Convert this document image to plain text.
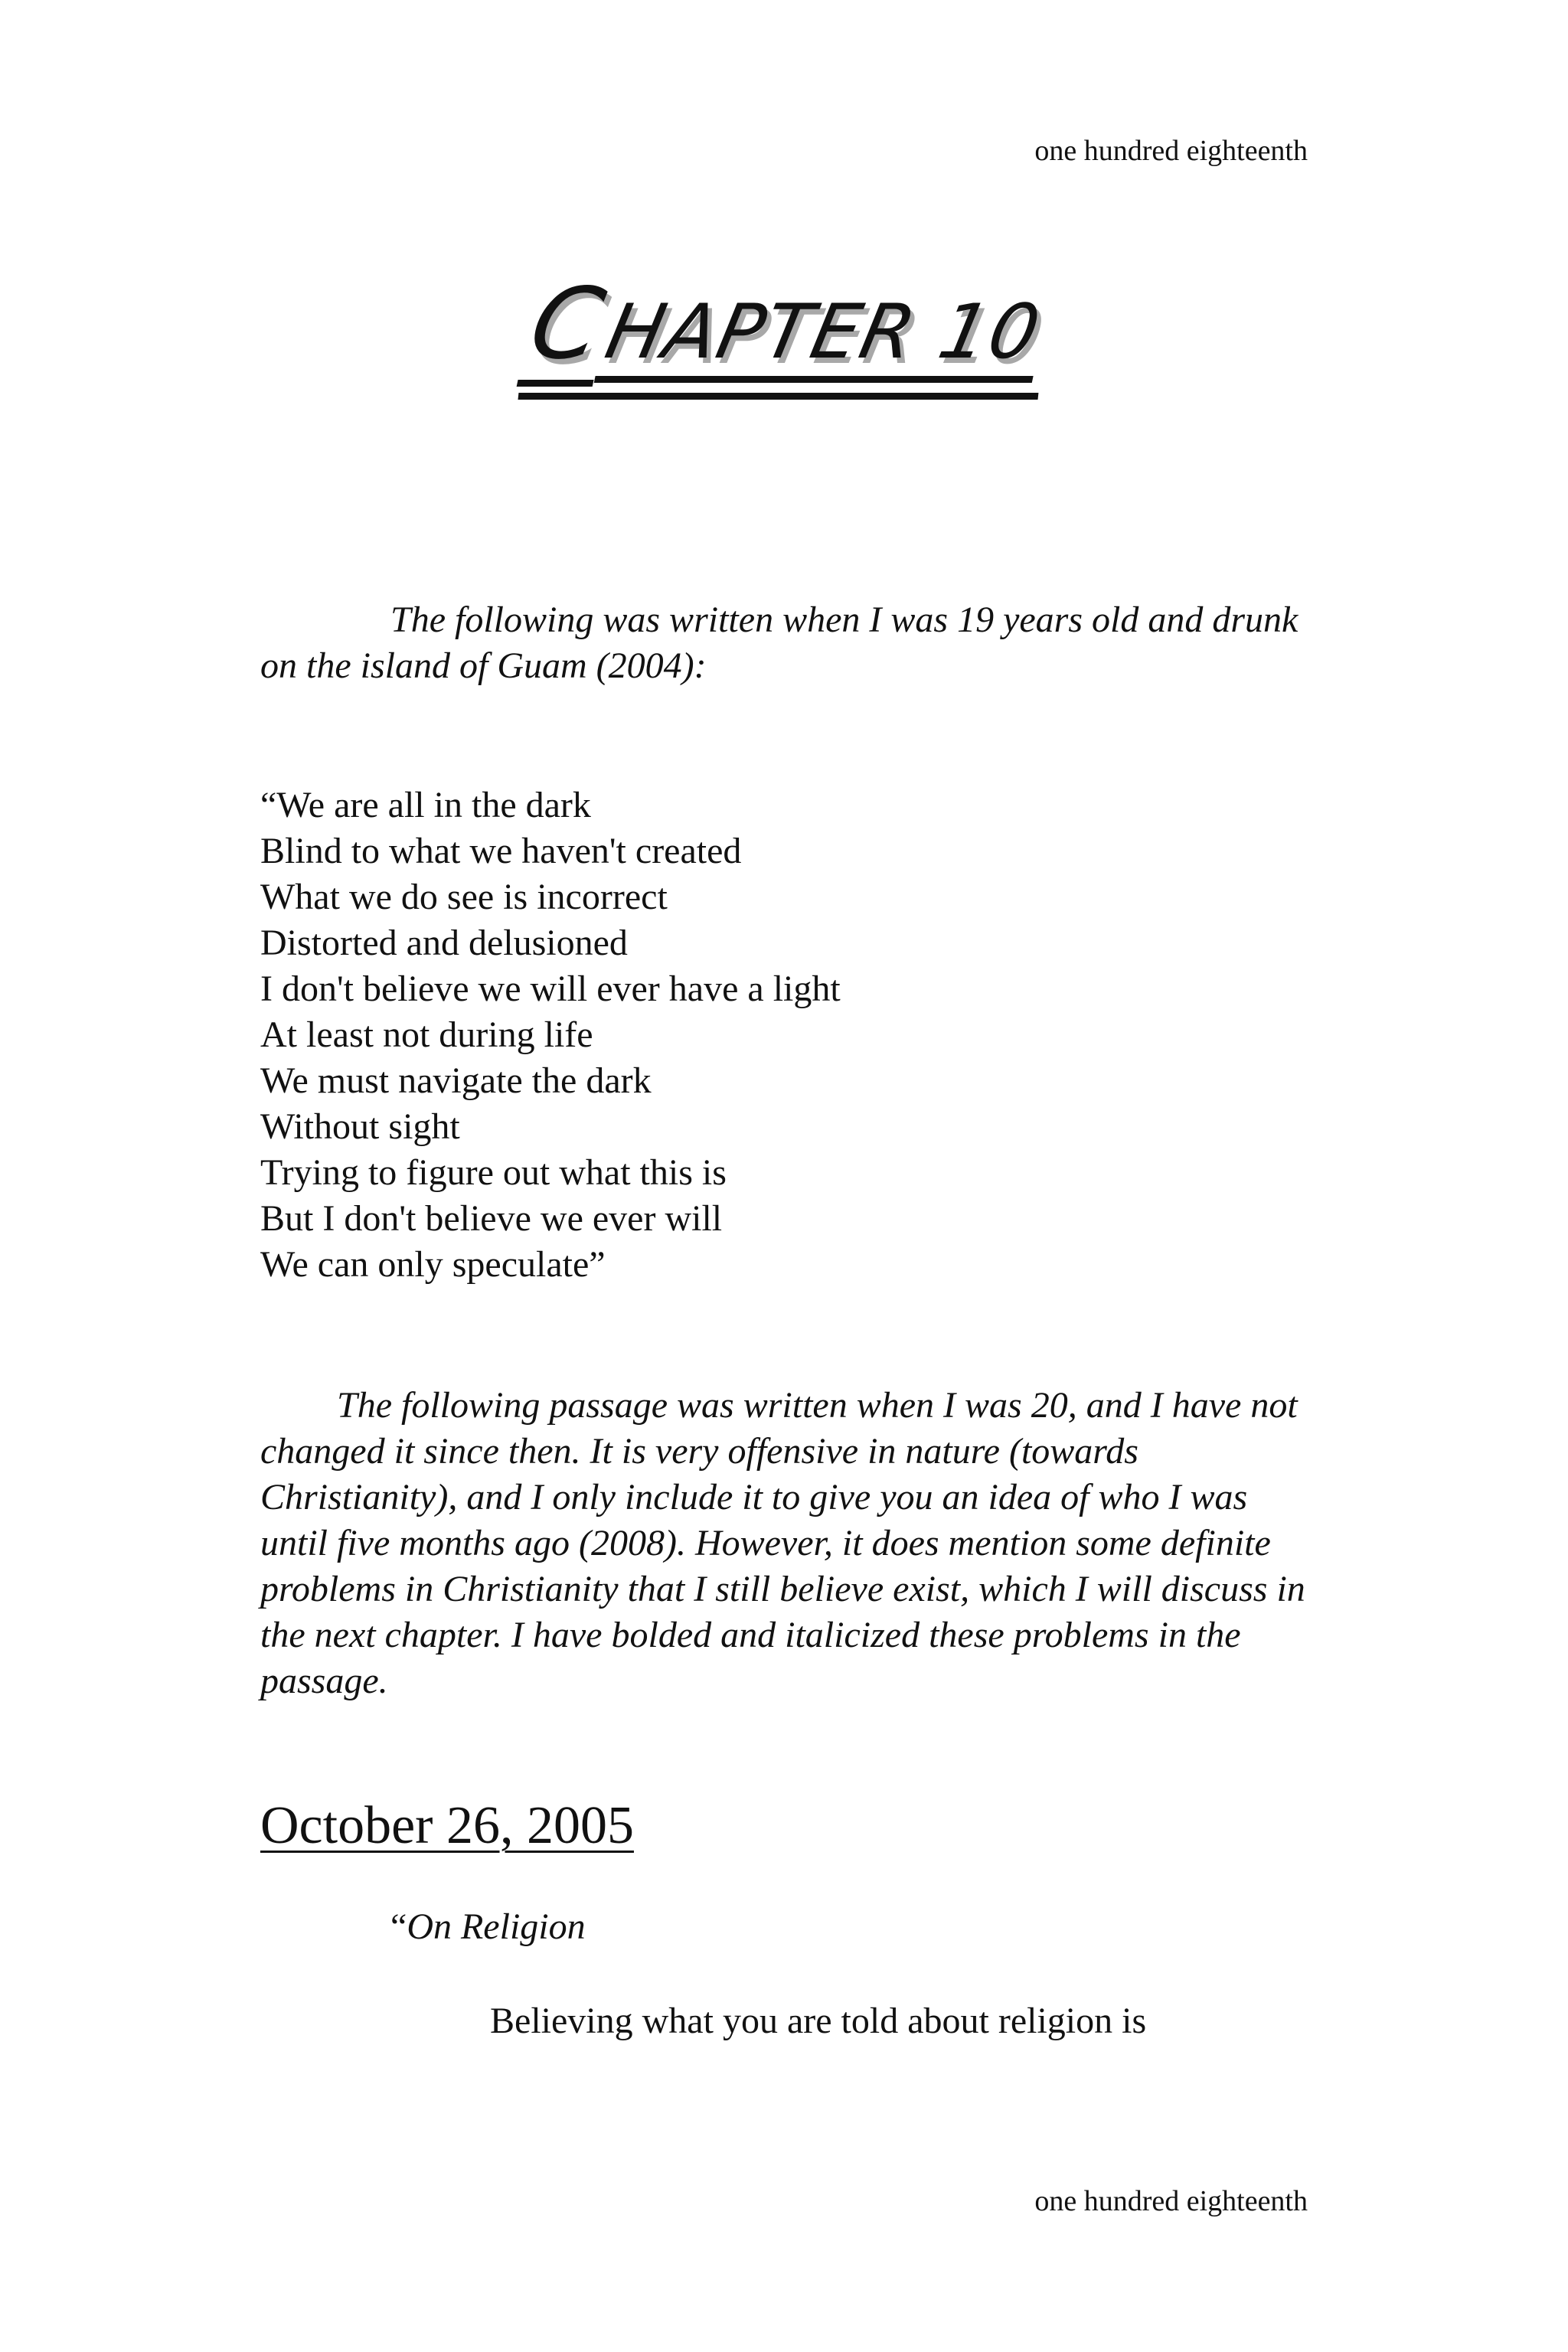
one hundred eighteenth
CHAPTER 10

The following was written when I was 19 years old and drunk on the island of Guam (2004):

“We are all in the dark
Blind to what we haven't created
What we do see is incorrect
Distorted and delusioned
I don't believe we will ever have a light
At least not during life
We must navigate the dark
Without sight
Trying to figure out what this is
But I don't believe we ever will
We can only speculate”

The following passage was written when I was 20, and I have not changed it since then. It is very offensive in nature (towards Christianity), and I only include it to give you an idea of who I was until five months ago (2008). However, it does mention some definite problems in Christianity that I still believe exist, which I will discuss in the next chapter. I have bolded and italicized these problems in the passage.

October 26, 2005

“On Religion

Believing what you are told about religion is

one hundred eighteenth
